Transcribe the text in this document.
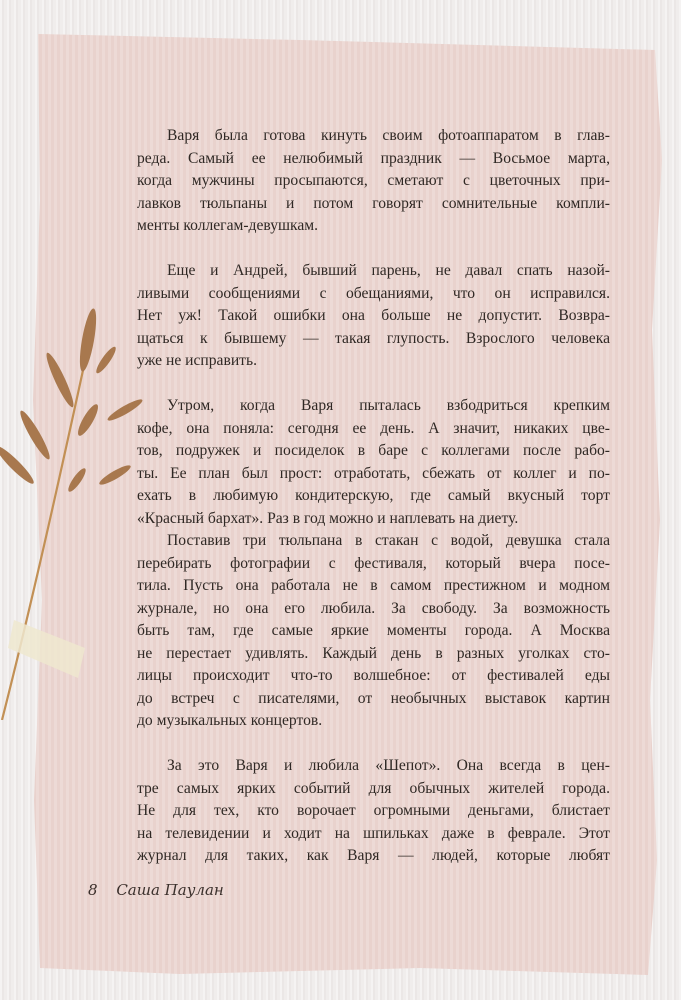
Варя была готова кинуть своим фотоаппаратом в глав-
реда. Самый ее нелюбимый праздник — Восьмое марта,
когда мужчины просыпаются, сметают с цветочных при-
лавков тюльпаны и потом говорят сомнительные компли-
менты коллегам-девушкам.
Еще и Андрей, бывший парень, не давал спать назой-
ливыми сообщениями с обещаниями, что он исправился.
Нет уж! Такой ошибки она больше не допустит. Возвра-
щаться к бывшему — такая глупость. Взрослого человека
уже не исправить.
Утром, когда Варя пыталась взбодриться крепким
кофе, она поняла: сегодня ее день. А значит, никаких цве-
тов, подружек и посиделок в баре с коллегами после рабо-
ты. Ее план был прост: отработать, сбежать от коллег и по-
ехать в любимую кондитерскую, где самый вкусный торт
«Красный бархат». Раз в год можно и наплевать на диету.
Поставив три тюльпана в стакан с водой, девушка стала
перебирать фотографии с фестиваля, который вчера посе-
тила. Пусть она работала не в самом престижном и модном
журнале, но она его любила. За свободу. За возможность
быть там, где самые яркие моменты города. А Москва
не перестает удивлять. Каждый день в разных уголках сто-
лицы происходит что-то волшебное: от фестивалей еды
до встреч с писателями, от необычных выставок картин
до музыкальных концертов.
За это Варя и любила «Шепот». Она всегда в цен-
тре самых ярких событий для обычных жителей города.
Не для тех, кто ворочает огромными деньгами, блистает
на телевидении и ходит на шпильках даже в феврале. Этот
журнал для таких, как Варя — людей, которые любят
8 Саша Паулан
